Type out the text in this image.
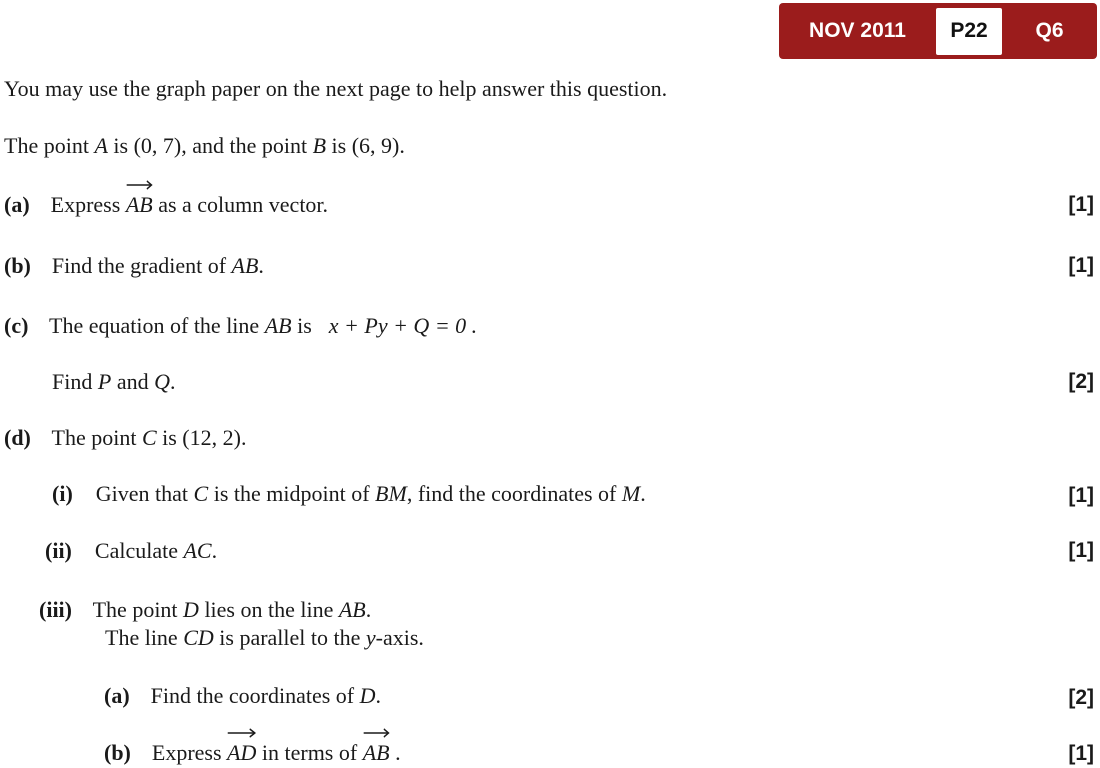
NOV 2011	P22	Q6
You may use the graph paper on the next page to help answer this question.
The point A is (0, 7), and the point B is (6, 9).
(a) Express AB
as a column vector.	[1]
(b) Find the gradient of AB.	[1]
(c) The equation of the line AB is  x + Py + Q = 0 .
Find P and Q.	[2]
(d) The point C is (12, 2).
(i) Given that C is the midpoint of BM, find the coordinates of M.	[1]
(ii) Calculate AC.	[1]
(iii) The point D lies on the line AB.
The line CD is parallel to the y-axis.
(a) Find the coordinates of D.	[2]
(b) Express AD
in terms of AB
.	[1]
